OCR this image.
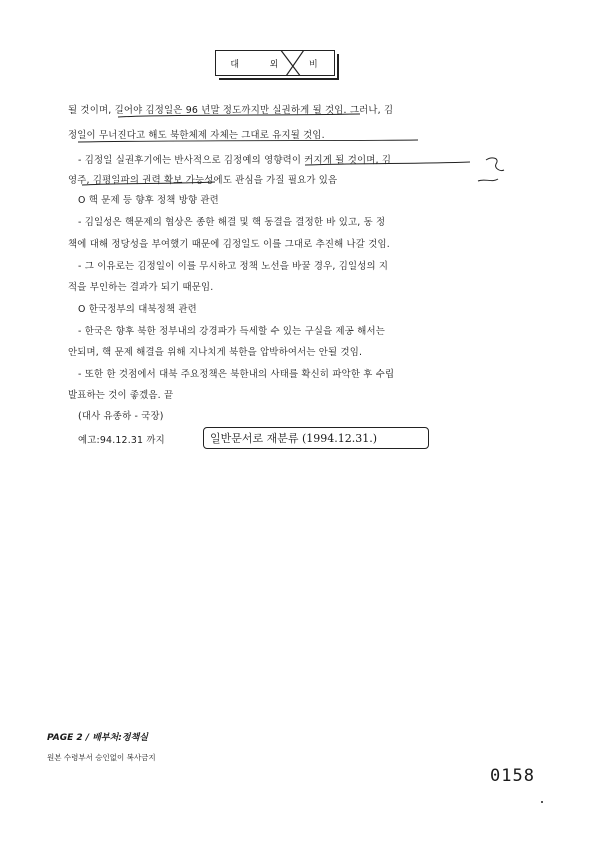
대	외	비
될 것이며, 길어야 김정일은 96 년말 정도까지만 실권하게 될 것임. 그러나, 김
정일이 무너진다고 해도 북한체제 자체는 그대로 유지될 것임.
- 김정일 실권후기에는 반사적으로 김정예의 영향력이 커지게 될 것이며, 김
영주, 김평일파의 권력 확보 가능성에도 관심을 가질 필요가 있음
O 핵 문제 등 향후 정책 방향 관련
- 김일성은 핵문제의 협상은 종한 해결 및 핵 동결을 결정한 바 있고, 동 정
책에 대해 정당성을 부여했기 때문에 김정일도 이를 그대로 추진해 나갈 것임.
- 그 이유로는 김정일이 이를 무시하고 정책 노선을 바꿀 경우, 김일성의 지
적을 부인하는 결과가 되기 때문임.
O 한국정부의 대북정책 관련
- 한국은 향후 북한 정부내의 강경파가 득세할 수 있는 구실을 제공 해서는
안되며, 핵 문제 해결을 위해 지나치게 북한을 압박하여서는 안될 것임.
- 또한 한 것점에서 대북 주요정책은 북한내의 사태를 확신히 파악한 후 수립
발표하는 것이 좋겠음. 끝
(대사 유종하 - 국장)
예고:94.12.31 까지	일반문서로 재분류 (1994.12.31.)
PAGE 2 / 배부처:정책실
원본 수령부서 승인없이 복사금지
0158
